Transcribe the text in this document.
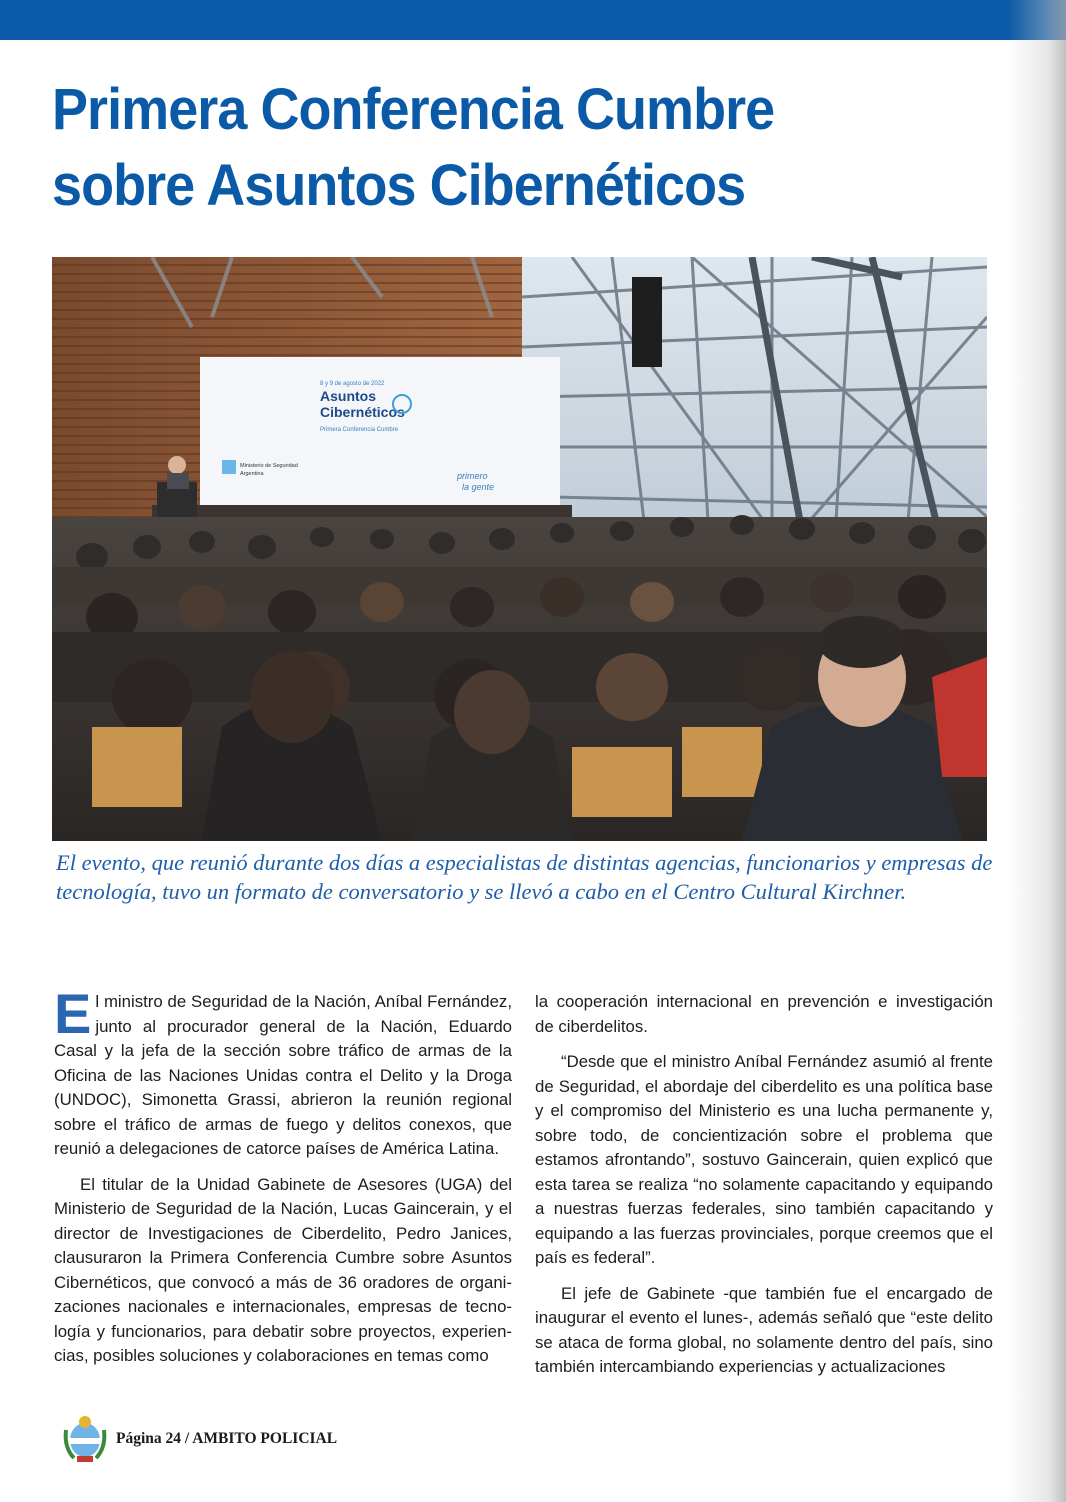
Primera Conferencia Cumbre
sobre Asuntos Cibernéticos
8 y 9 de agosto de 2022
Asuntos
Cibernéticos
Primera Conferencia Cumbre
Ministerio de Seguridad
Argentina	primero
la gente

El evento, que reunió durante dos días a especialistas de distintas agencias, funcionarios y empresas de tecnología, tuvo un formato de conversatorio y se llevó a cabo en el Centro Cultural Kirchner.

El ministro de Seguridad de la Nación, Aníbal Fernández, junto al procurador general de la Nación, Eduardo Casal y la jefa de la sección sobre tráfico de armas de la Oficina de las Naciones Unidas contra el Delito y la Droga (UNDOC), Simonetta Grassi, abrieron la reunión regional sobre el tráfico de armas de fuego y delitos conexos, que reunió a delegaciones de catorce países de América Latina.

El titular de la Unidad Gabinete de Asesores (UGA) del Ministerio de Seguridad de la Nación, Lucas Gaincerain, y el director de Investigaciones de Ciberdelito, Pedro Janices, clausuraron la Primera Conferencia Cumbre sobre Asuntos Cibernéticos, que convocó a más de 36 oradores de organizaciones nacionales e internacionales, empresas de tecnología y funcionarios, para debatir sobre proyectos, experiencias, posibles soluciones y colaboraciones en temas como

la cooperación internacional en prevención e investigación de ciberdelitos.

“Desde que el ministro Aníbal Fernández asumió al frente de Seguridad, el abordaje del ciberdelito es una política base y el compromiso del Ministerio es una lucha permanente y, sobre todo, de concientización sobre el problema que estamos afrontando”, sostuvo Gaincerain, quien explicó que esta tarea se realiza “no solamente capacitando y equipando a nuestras fuerzas federales, sino también capacitando y equipando a las fuerzas provinciales, porque creemos que el país es federal”.

El jefe de Gabinete -que también fue el encargado de inaugurar el evento el lunes-, además señaló que “este delito se ataca de forma global, no solamente dentro del país, sino también intercambiando experiencias y actualizaciones

Página 24 / AMBITO POLICIAL
